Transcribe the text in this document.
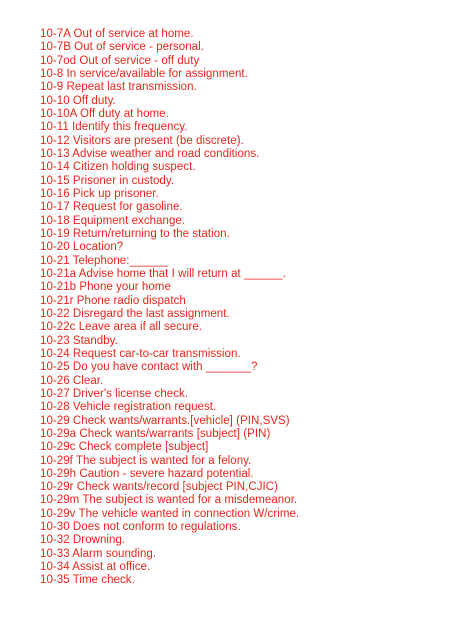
10-7A Out of service at home.
10-7B Out of service - personal.
10-7od Out of service - off duty
10-8 In service/available for assignment.
10-9 Repeat last transmission.
10-10 Off duty.
10-10A Off duty at home.
10-11 Identify this frequency.
10-12 Visitors are present (be discrete).
10-13 Advise weather and road conditions.
10-14 Citizen holding suspect.
10-15 Prisoner in custody.
10-16 Pick up prisoner.
10-17 Request for gasoline.
10-18 Equipment exchange.
10-19 Return/returning to the station.
10-20 Location?
10-21 Telephone:______
10-21a Advise home that I will return at ______.
10-21b Phone your home
10-21r Phone radio dispatch
10-22 Disregard the last assignment.
10-22c Leave area if all secure.
10-23 Standby.
10-24 Request car-to-car transmission.
10-25 Do you have contact with _______?
10-26 Clear.
10-27 Driver's license check.
10-28 Vehicle registration request.
10-29 Check wants/warrants.[vehicle] (PIN,SVS)
10-29a Check wants/warrants [subject] (PIN)
10-29c Check complete [subject]
10-29f The subject is wanted for a felony.
10-29h Caution - severe hazard potential.
10-29r Check wants/record [subject PIN,CJIC)
10-29m The subject is wanted for a misdemeanor.
10-29v The vehicle wanted in connection W/crime.
10-30 Does not conform to regulations.
10-32 Drowning.
10-33 Alarm sounding.
10-34 Assist at office.
10-35 Time check.
